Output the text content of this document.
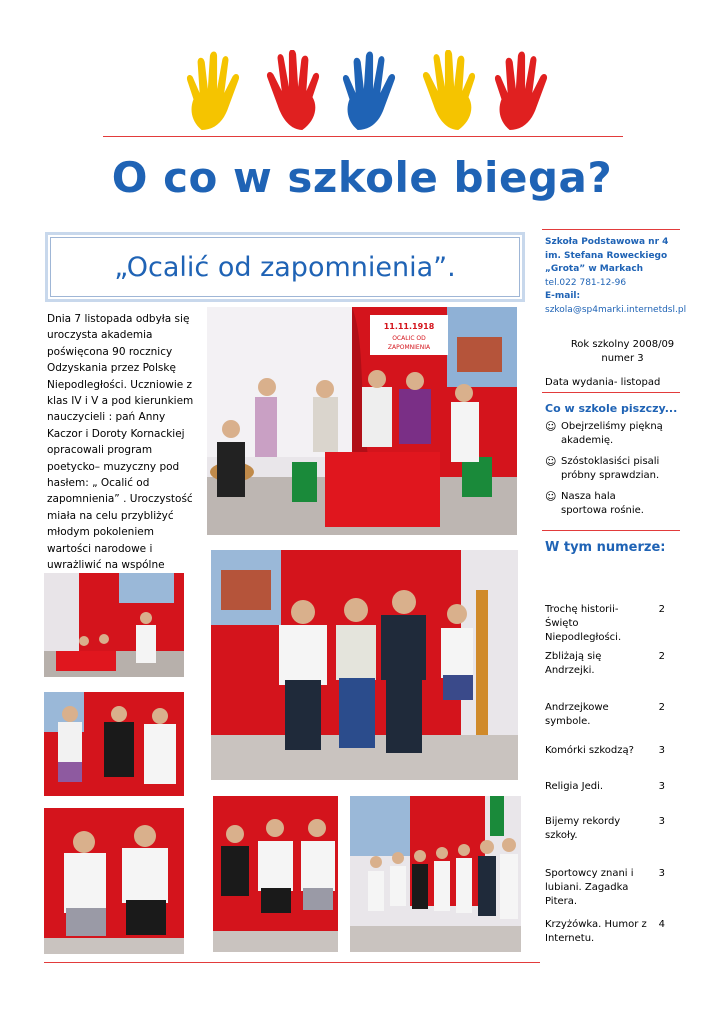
O co w szkole biega?
„Ocalić od zapomnienia”.
Szkoła Podstawowa nr 4
im. Stefana Roweckiego
„Grota” w Markach
tel.022 781-12-96
E-mail:
szkola@sp4marki.internetdsl.pl
Rok szkolny 2008/09
numer 3
Data wydania- listopad
Co w szkole piszczy...
☺ Obejrzeliśmy piękną akademię.
☺ Szóstoklasiści pisali próbny sprawdzian.
☺ Nasza hala sportowa rośnie.
W tym numerze:
Trochę historii- Święto Niepodległości.
2
Zbliżają się Andrzejki.
2
Andrzejkowe symbole.
2
Komórki szkodzą?	3
Religia Jedi.	3
Bijemy rekordy szkoły.
3
Sportowcy znani i lubiani. Zagadka Pitera.
3
Krzyżówka. Humor z Internetu.
4
Dnia 7 listopada odbyła się uroczysta akademia poświęcona 90 rocznicy Odzyskania przez Polskę Niepodległości. Uczniowie z klas IV i V a pod kierunkiem nauczycieli : pań Anny Kaczor i Doroty Kornackiej opracowali program poetycko– muzyczny pod hasłem: „ Ocalić od zapomnienia” . Uroczystość miała na celu przybliżyć młodym pokoleniem wartości narodowe i uwrażliwić na wspólne
11.11.1918
OCALIC OD
ZAPOMNIENIA
